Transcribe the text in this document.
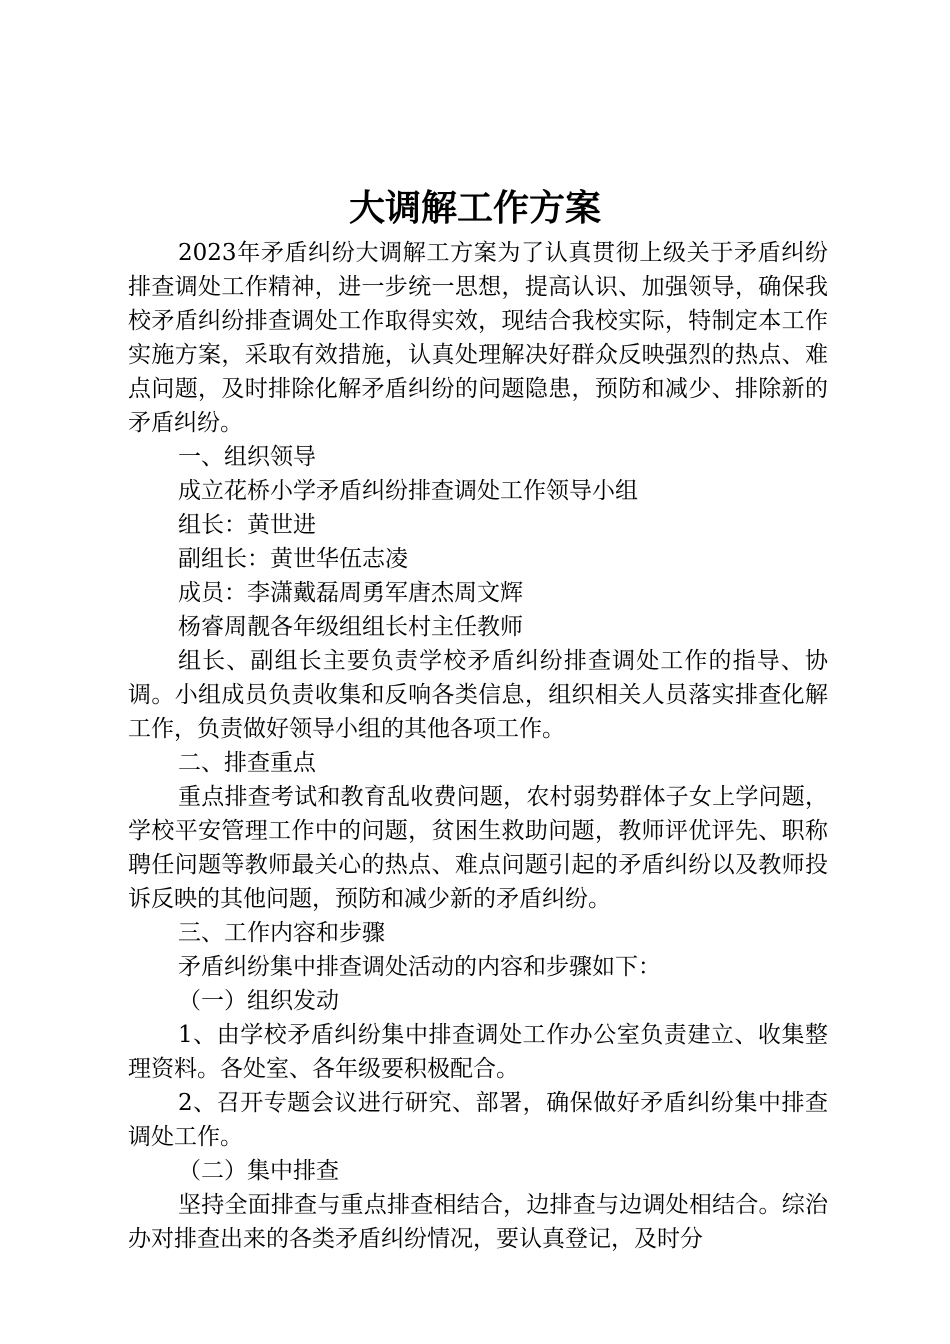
大调解工作方案

2023年矛盾纠纷大调解工方案为了认真贯彻上级关于矛盾纠纷排查调处工作精神，进一步统一思想，提高认识、加强领导，确保我校矛盾纠纷排查调处工作取得实效，现结合我校实际，特制定本工作实施方案，采取有效措施，认真处理解决好群众反映强烈的热点、难点问题，及时排除化解矛盾纠纷的问题隐患，预防和减少、排除新的矛盾纠纷。

一、组织领导

成立花桥小学矛盾纠纷排查调处工作领导小组

组长：黄世进

副组长：黄世华伍志凌

成员：李潇戴磊周勇军唐杰周文辉

杨睿周靓各年级组组长村主任教师

组长、副组长主要负责学校矛盾纠纷排查调处工作的指导、协调。小组成员负责收集和反响各类信息，组织相关人员落实排查化解工作，负责做好领导小组的其他各项工作。

二、排查重点

重点排查考试和教育乱收费问题，农村弱势群体子女上学问题，学校平安管理工作中的问题，贫困生救助问题，教师评优评先、职称聘任问题等教师最关心的热点、难点问题引起的矛盾纠纷以及教师投诉反映的其他问题，预防和减少新的矛盾纠纷。

三、工作内容和步骤

矛盾纠纷集中排查调处活动的内容和步骤如下：

（一）组织发动

1、由学校矛盾纠纷集中排查调处工作办公室负责建立、收集整理资料。各处室、各年级要积极配合。

2、召开专题会议进行研究、部署，确保做好矛盾纠纷集中排查调处工作。

（二）集中排查

坚持全面排查与重点排查相结合，边排查与边调处相结合。综治办对排查出来的各类矛盾纠纷情况，要认真登记，及时分
